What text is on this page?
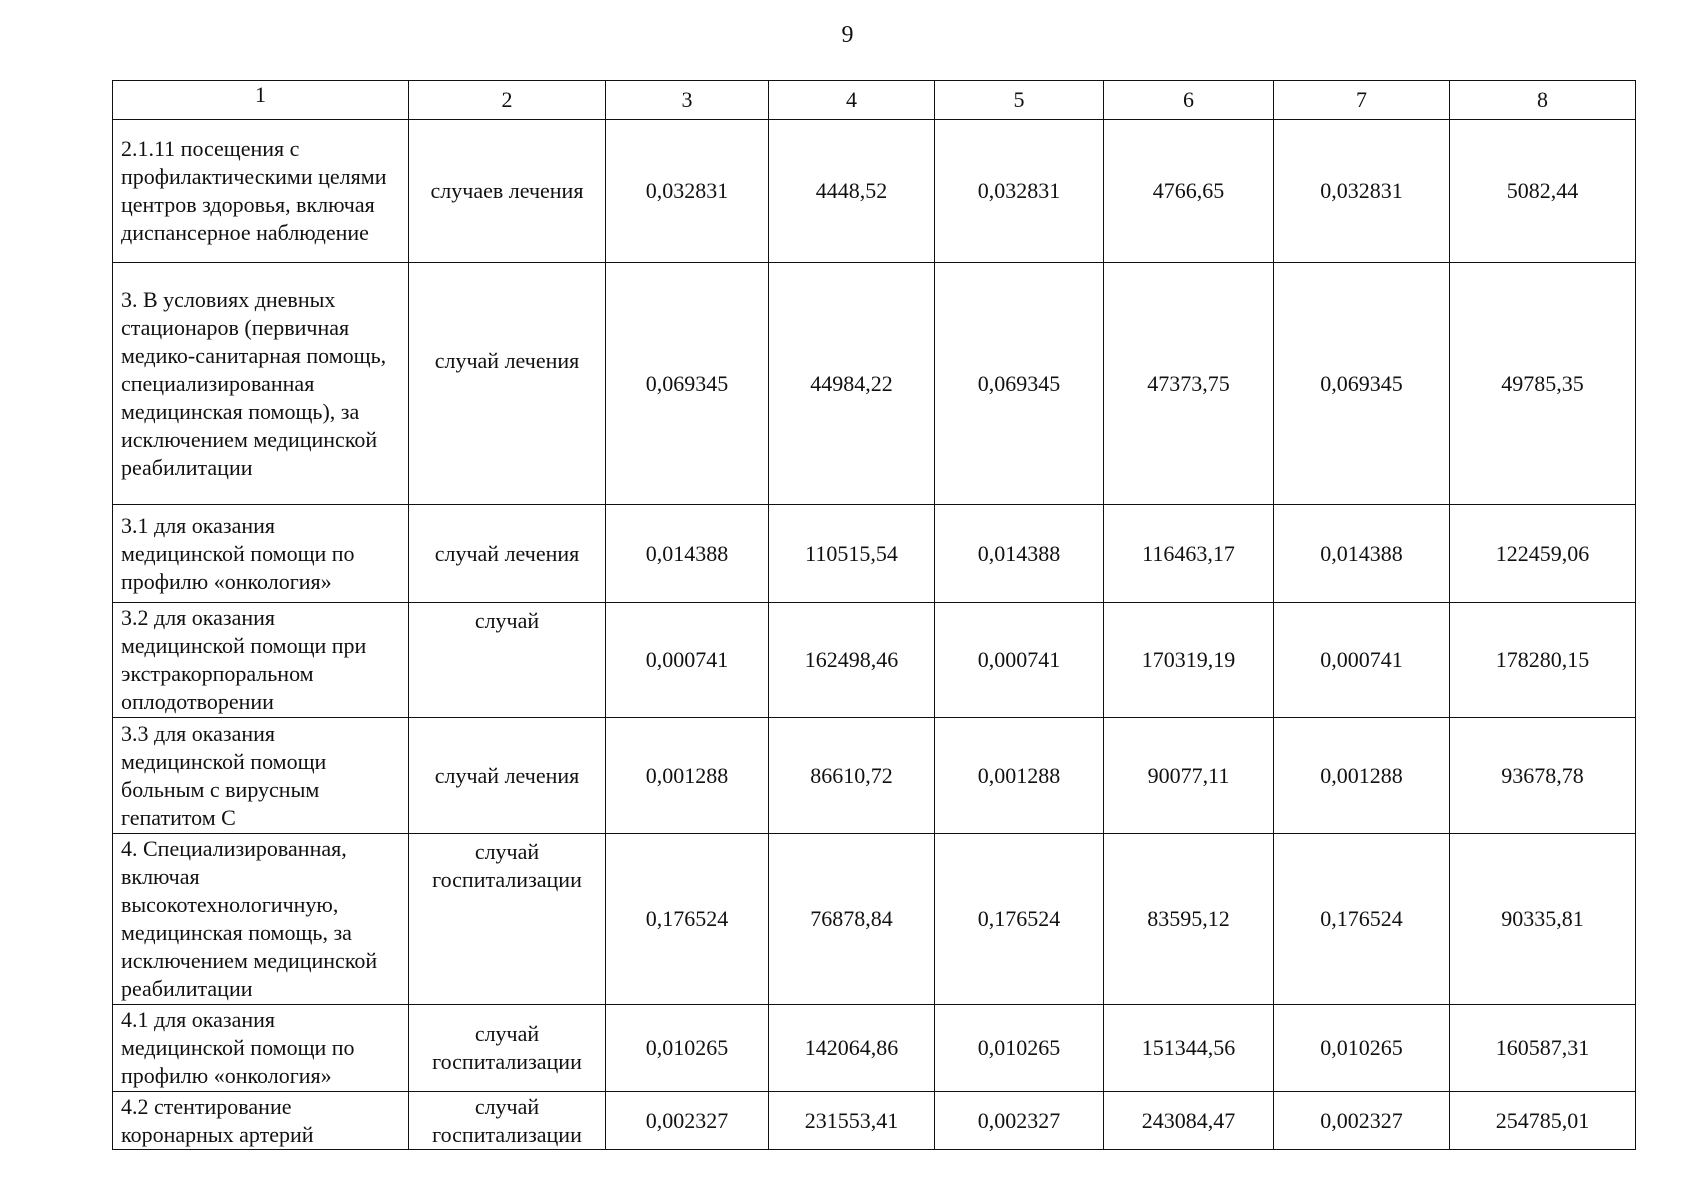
9
1	2	3	4	5	6	7	8
2.1.11 посещения с профилактическими целями центров здоровья, включая диспансерное наблюдение	случаев лечения	0,032831	4448,52	0,032831	4766,65	0,032831	5082,44
3. В условиях дневных стационаров (первичная медико-санитарная помощь, специализированная медицинская помощь), за исключением медицинской реабилитации	случай лечения	0,069345	44984,22	0,069345	47373,75	0,069345	49785,35
3.1 для оказания медицинской помощи по профилю «онкология»	случай лечения	0,014388	110515,54	0,014388	116463,17	0,014388	122459,06
3.2 для оказания медицинской помощи при экстракорпоральном оплодотворении	случай	0,000741	162498,46	0,000741	170319,19	0,000741	178280,15
3.3 для оказания медицинской помощи больным с вирусным гепатитом С	случай лечения	0,001288	86610,72	0,001288	90077,11	0,001288	93678,78
4. Специализированная, включая высокотехнологичную, медицинская помощь, за исключением медицинской реабилитации	случай госпитализации	0,176524	76878,84	0,176524	83595,12	0,176524	90335,81
4.1 для оказания медицинской помощи по профилю «онкология»	случай госпитализации	0,010265	142064,86	0,010265	151344,56	0,010265	160587,31
4.2 стентирование коронарных артерий	случай госпитализации	0,002327	231553,41	0,002327	243084,47	0,002327	254785,01
